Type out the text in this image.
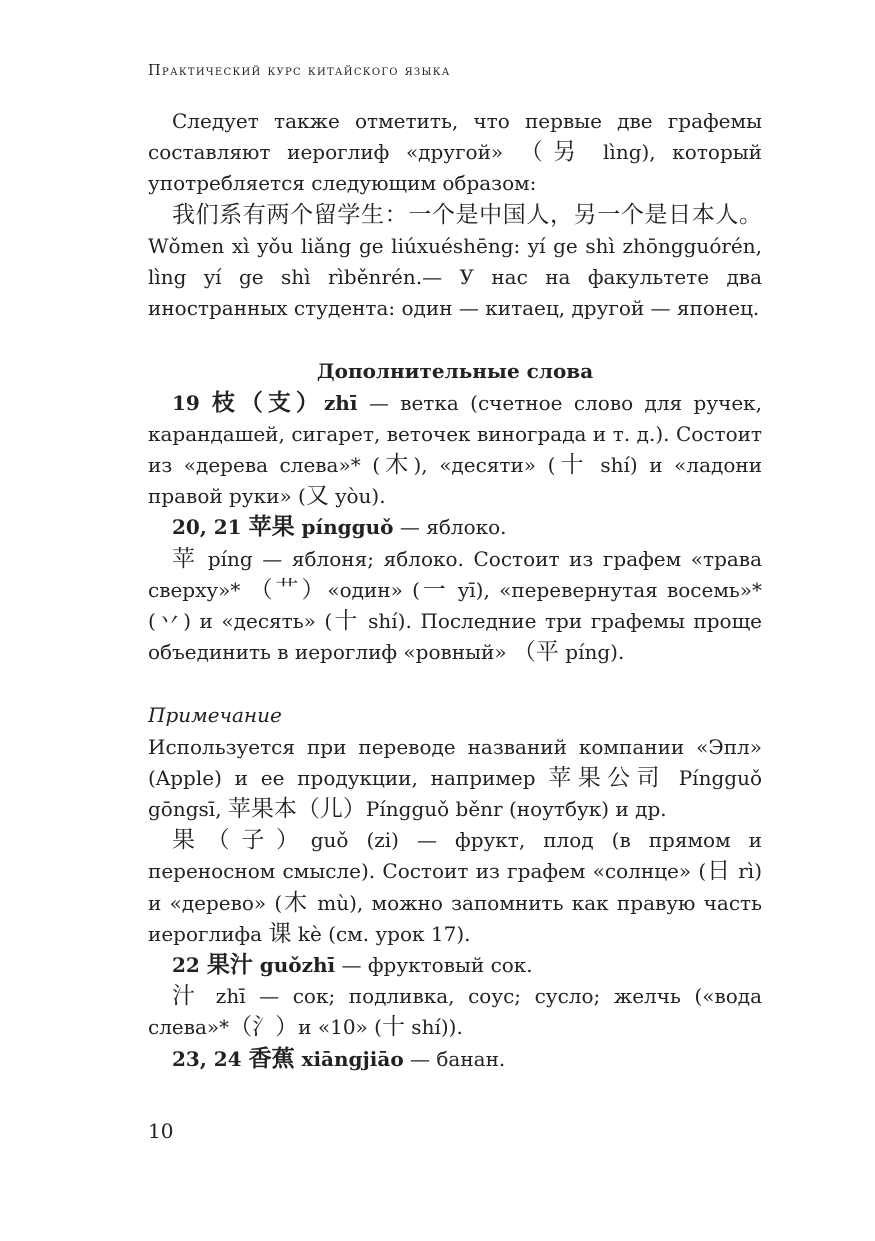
Практический курс китайского языка

Следует также отметить, что первые две графемы составляют иероглиф «другой» （另 lìng), который употребляется следующим образом:

我们系有两个留学生：一个是中国人，另一个是日本人。 Wǒmen xì yǒu liǎng ge liúxuéshēng: yí ge shì zhōngguórén, lìng yí ge shì rìběnrén.— У нас на факультете два иностранных студента: один — китаец, другой — японец.

Дополнительные слова

19 枝（支）zhī — ветка (счетное слово для ручек, карандашей, сигарет, веточек винограда и т. д.). Состоит из «дерева слева»* (木), «десяти» (十 shí) и «ладони правой руки» (又 yòu).

20, 21 苹果 píngguǒ — яблоко.

苹 píng — яблоня; яблоко. Состоит из графем «трава сверху»* （艹）«один» (一 yī), «перевернутая восемь»* (丷) и «десять» (十 shí). Последние три графемы проще объединить в иероглиф «ровный» （平 píng).

Примечание

Используется при переводе названий компании «Эпл» (Apple) и ее продукции, например 苹果公司 Píngguǒ gōngsī, 苹果本（儿）Píngguǒ běnr (ноутбук) и др.

果（子）guǒ (zi) — фрукт, плод (в прямом и переносном смысле). Состоит из графем «солнце» (日 rì) и «дерево» (木 mù), можно запомнить как правую часть иероглифа 课 kè (см. урок 17).

22 果汁 guǒzhī — фруктовый сок.

汁 zhī — сок; подливка, соус; сусло; желчь («вода слева»*（氵）и «10» (十 shí)).

23, 24 香蕉 xiāngjiāo — банан.

10
